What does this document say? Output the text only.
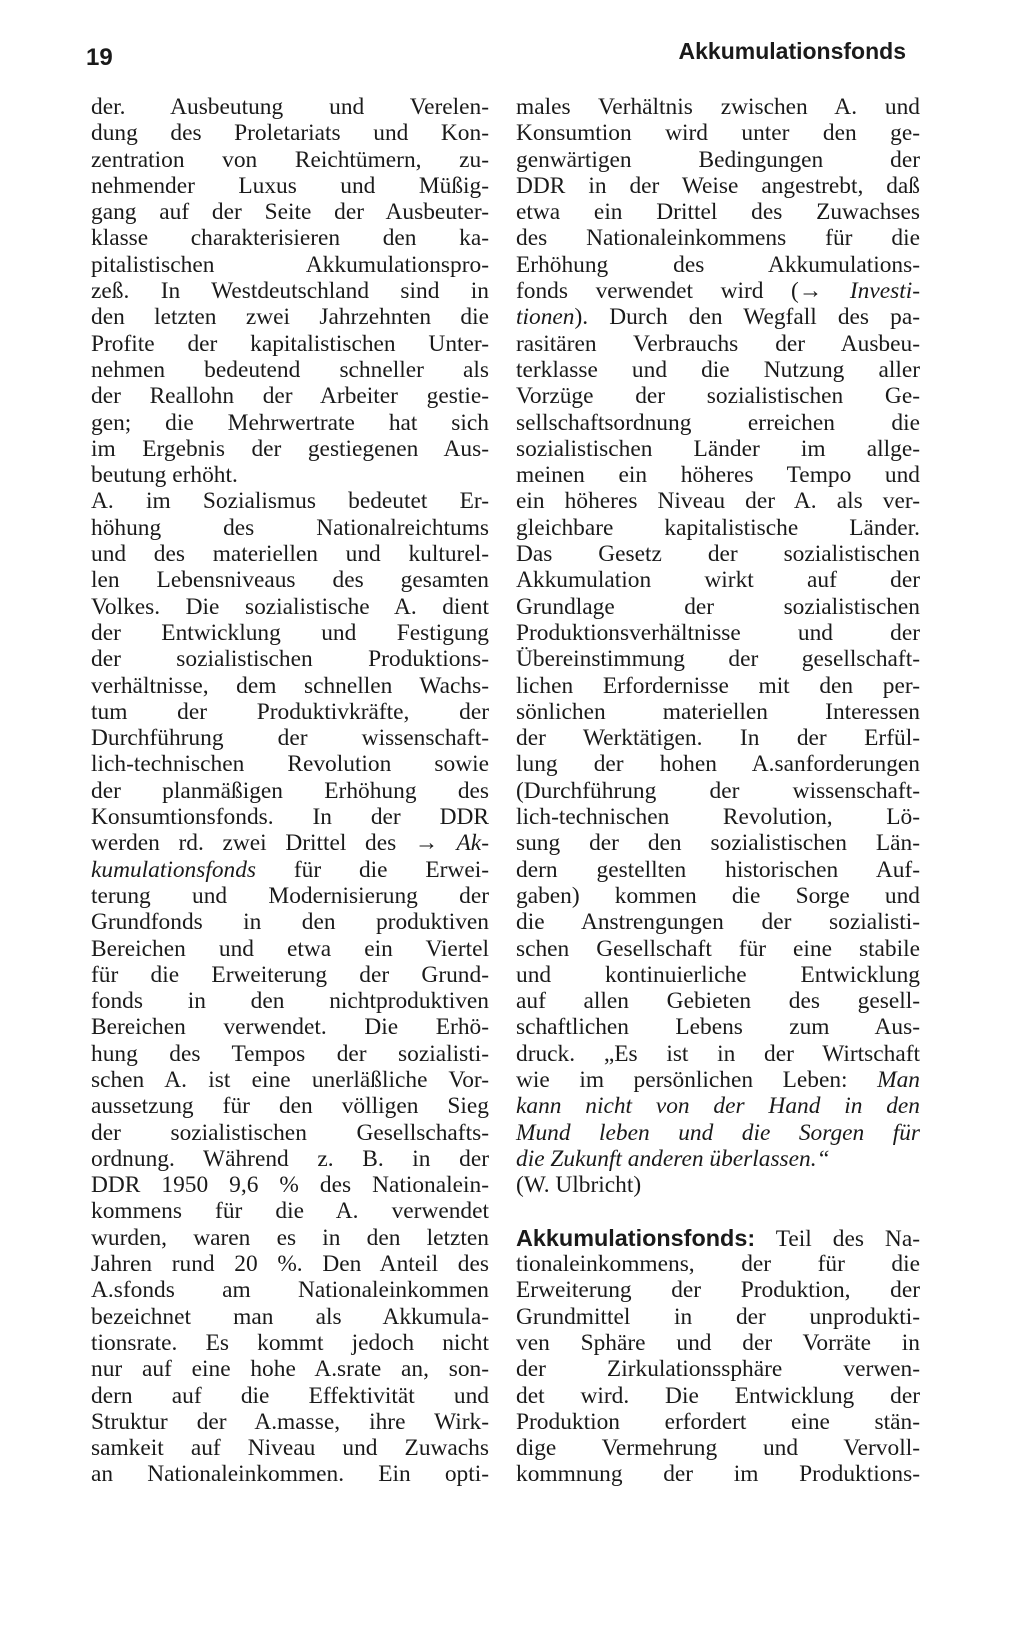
19	Akkumulationsfonds
der. Ausbeutung und Verelen-
dung des Proletariats und Kon-
zentration von Reichtümern, zu-
nehmender Luxus und Müßig-
gang auf der Seite der Ausbeuter-
klasse charakterisieren den ka-
pitalistischen Akkumulationspro-
zeß. In Westdeutschland sind in
den letzten zwei Jahrzehnten die
Profite der kapitalistischen Unter-
nehmen bedeutend schneller als
der Reallohn der Arbeiter gestie-
gen; die Mehrwertrate hat sich
im Ergebnis der gestiegenen Aus-
beutung erhöht.
A. im Sozialismus bedeutet Er-
höhung des Nationalreichtums
und des materiellen und kulturel-
len Lebensniveaus des gesamten
Volkes. Die sozialistische A. dient
der Entwicklung und Festigung
der sozialistischen Produktions-
verhältnisse, dem schnellen Wachs-
tum der Produktivkräfte, der
Durchführung der wissenschaft-
lich-technischen Revolution sowie
der planmäßigen Erhöhung des
Konsumtionsfonds. In der DDR
werden rd. zwei Drittel des → Ak-
kumulationsfonds für die Erwei-
terung und Modernisierung der
Grundfonds in den produktiven
Bereichen und etwa ein Viertel
für die Erweiterung der Grund-
fonds in den nichtproduktiven
Bereichen verwendet. Die Erhö-
hung des Tempos der sozialisti-
schen A. ist eine unerläßliche Vor-
aussetzung für den völligen Sieg
der sozialistischen Gesellschafts-
ordnung. Während z. B. in der
DDR 1950 9,6 % des Nationalein-
kommens für die A. verwendet
wurden, waren es in den letzten
Jahren rund 20 %. Den Anteil des
A.sfonds am Nationaleinkommen
bezeichnet man als Akkumula-
tionsrate. Es kommt jedoch nicht
nur auf eine hohe A.srate an, son-
dern auf die Effektivität und
Struktur der A.masse, ihre Wirk-
samkeit auf Niveau und Zuwachs
an Nationaleinkommen. Ein opti-
males Verhältnis zwischen A. und
Konsumtion wird unter den ge-
genwärtigen Bedingungen der
DDR in der Weise angestrebt, daß
etwa ein Drittel des Zuwachses
des Nationaleinkommens für die
Erhöhung des Akkumulations-
fonds verwendet wird (→ Investi-
tionen). Durch den Wegfall des pa-
rasitären Verbrauchs der Ausbeu-
terklasse und die Nutzung aller
Vorzüge der sozialistischen Ge-
sellschaftsordnung erreichen die
sozialistischen Länder im allge-
meinen ein höheres Tempo und
ein höheres Niveau der A. als ver-
gleichbare kapitalistische Länder.
Das Gesetz der sozialistischen
Akkumulation wirkt auf der
Grundlage der sozialistischen
Produktionsverhältnisse und der
Übereinstimmung der gesellschaft-
lichen Erfordernisse mit den per-
sönlichen materiellen Interessen
der Werktätigen. In der Erfül-
lung der hohen A.sanforderungen
(Durchführung der wissenschaft-
lich-technischen Revolution, Lö-
sung der den sozialistischen Län-
dern gestellten historischen Auf-
gaben) kommen die Sorge und
die Anstrengungen der sozialisti-
schen Gesellschaft für eine stabile
und kontinuierliche Entwicklung
auf allen Gebieten des gesell-
schaftlichen Lebens zum Aus-
druck. „Es ist in der Wirtschaft
wie im persönlichen Leben: Man
kann nicht von der Hand in den
Mund leben und die Sorgen für
die Zukunft anderen überlassen.“
(W. Ulbricht)
Akkumulationsfonds: Teil des Na-
tionaleinkommens, der für die
Erweiterung der Produktion, der
Grundmittel in der unprodukti-
ven Sphäre und der Vorräte in
der Zirkulationssphäre verwen-
det wird. Die Entwicklung der
Produktion erfordert eine stän-
dige Vermehrung und Vervoll-
kommnung der im Produktions-
